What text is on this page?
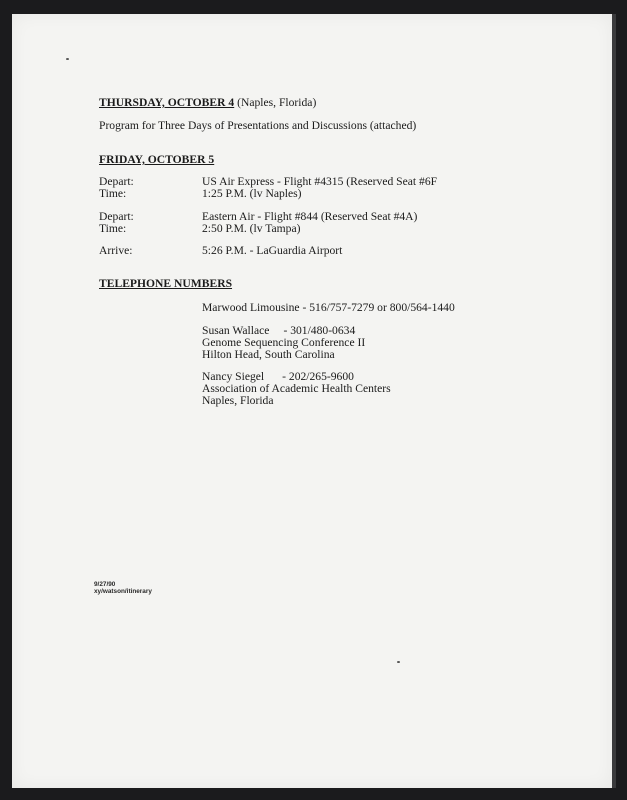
THURSDAY, OCTOBER 4 (Naples, Florida)
Program for Three Days of Presentations and Discussions (attached)
FRIDAY, OCTOBER 5
Depart:	US Air Express - Flight #4315 (Reserved Seat #6F
Time:	1:25 P.M. (lv Naples)
Depart:	Eastern Air - Flight #844 (Reserved Seat #4A)
Time:	2:50 P.M. (lv Tampa)
Arrive:	5:26 P.M. - LaGuardia Airport
TELEPHONE NUMBERS
Marwood Limousine - 516/757-7279 or 800/564-1440
Susan Wallace - 301/480-0634
Genome Sequencing Conference II
Hilton Head, South Carolina
Nancy Siegel - 202/265-9600
Association of Academic Health Centers
Naples, Florida
9/27/90
xy/watson/itinerary
